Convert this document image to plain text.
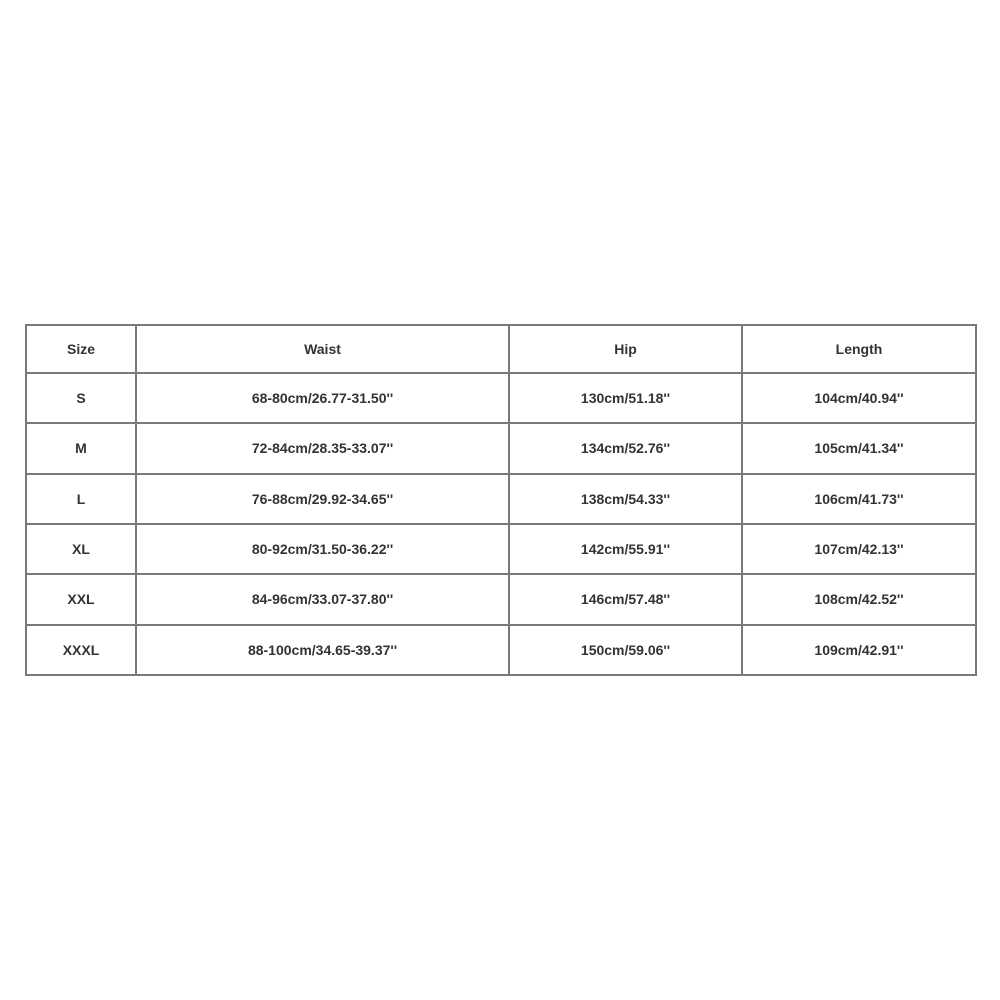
Size	Waist	Hip	Length
S	68-80cm/26.77-31.50''	130cm/51.18''	104cm/40.94''
M	72-84cm/28.35-33.07''	134cm/52.76''	105cm/41.34''
L	76-88cm/29.92-34.65''	138cm/54.33''	106cm/41.73''
XL	80-92cm/31.50-36.22''	142cm/55.91''	107cm/42.13''
XXL	84-96cm/33.07-37.80''	146cm/57.48''	108cm/42.52''
XXXL	88-100cm/34.65-39.37''	150cm/59.06''	109cm/42.91''
